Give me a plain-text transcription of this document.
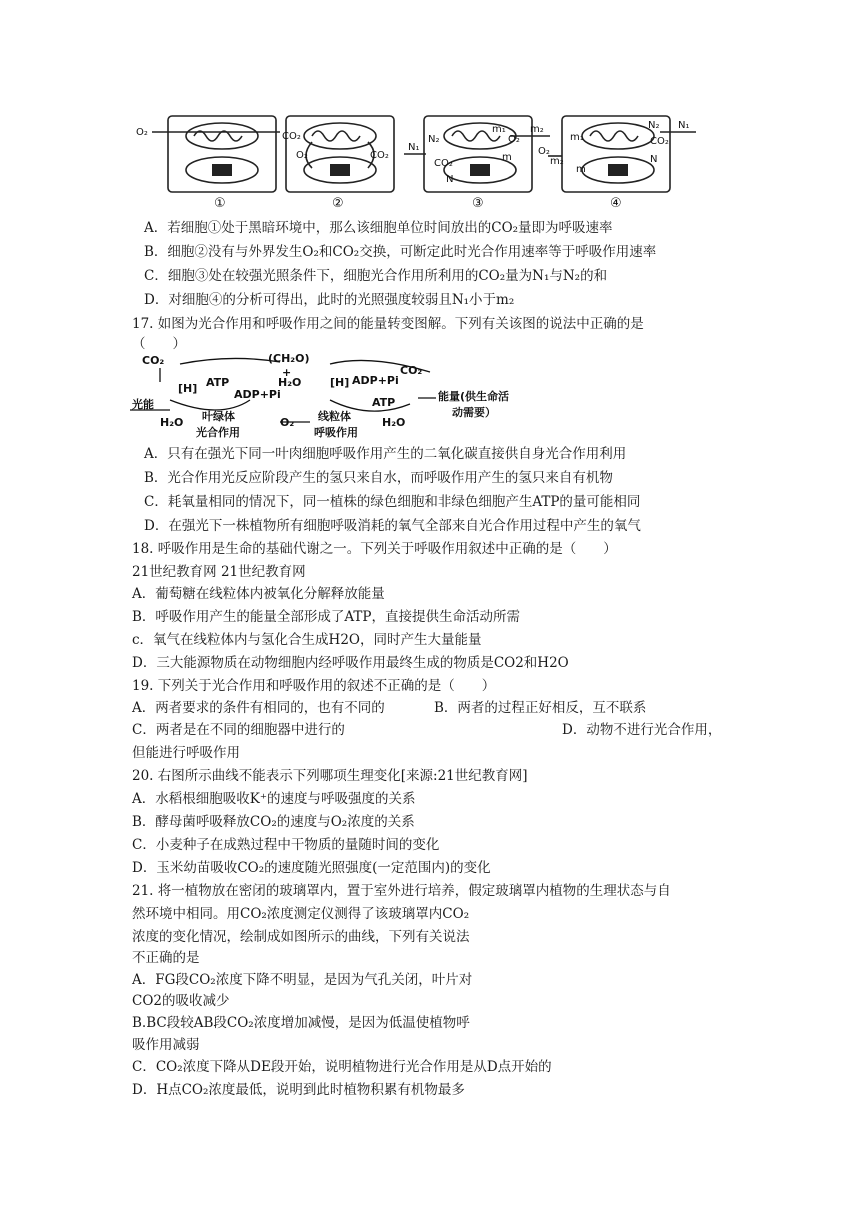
O₂	CO₂
O₂	CO₂
N₁
CO₂
N
N₂
m₁
O₂
m
m₂
O₂
m₂
m₁
m
N₂
CO₂
N
N₁
①	②	③	④
A．若细胞①处于黑暗环境中，那么该细胞单位时间放出的CO₂量即为呼吸速率
B．细胞②没有与外界发生O₂和CO₂交换，可断定此时光合作用速率等于呼吸作用速率
C．细胞③处在较强光照条件下，细胞光合作用所利用的CO₂量为N₁与N₂的和
D．对细胞④的分析可得出，此时的光照强度较弱且N₁小于m₂
17. 如图为光合作用和呼吸作用之间的能量转变图解。下列有关该图的说法中正确的是
（　　）
CO₂	(CH₂O)
CO₂
[H] ATP
ADP+Pi
+
H₂O	[H] ADP+Pi
ATP
光能
H₂O 叶绿体
光合作用
O₂ 线粒体
呼吸作用
H₂O
能量(供生命活
动需要）
A．只有在强光下同一叶肉细胞呼吸作用产生的二氧化碳直接供自身光合作用利用
B．光合作用光反应阶段产生的氢只来自水，而呼吸作用产生的氢只来自有机物
C．耗氧量相同的情况下，同一植株的绿色细胞和非绿色细胞产生ATP的量可能相同
D．在强光下一株植物所有细胞呼吸消耗的氧气全部来自光合作用过程中产生的氧气
18. 呼吸作用是生命的基础代谢之一。下列关于呼吸作用叙述中正确的是（　　）
21世纪教育网 21世纪教育网
A．葡萄糖在线粒体内被氧化分解释放能量
B．呼吸作用产生的能量全部形成了ATP，直接提供生命活动所需
c．氧气在线粒体内与氢化合生成H2O，同时产生大量能量
D．三大能源物质在动物细胞内经呼吸作用最终生成的物质是CO2和H2O
19. 下列关于光合作用和呼吸作用的叙述不正确的是（　　）
A．两者要求的条件有相同的，也有不同的	B．两者的过程正好相反，互不联系
C．两者是在不同的细胞器中进行的	D．动物不进行光合作用，
但能进行呼吸作用
20. 右图所示曲线不能表示下列哪项生理变化[来源:21世纪教育网]
A．水稻根细胞吸收K⁺的速度与呼吸强度的关系
B．酵母菌呼吸释放CO₂的速度与O₂浓度的关系
C．小麦种子在成熟过程中干物质的量随时间的变化
D．玉米幼苗吸收CO₂的速度随光照强度(一定范围内)的变化
21. 将一植物放在密闭的玻璃罩内，置于室外进行培养，假定玻璃罩内植物的生理状态与自
然环境中相同。用CO₂浓度测定仪测得了该玻璃罩内CO₂
浓度的变化情况，绘制成如图所示的曲线，下列有关说法
不正确的是
A．FG段CO₂浓度下降不明显，是因为气孔关闭，叶片对
CO2的吸收减少
B.BC段较AB段CO₂浓度增加减慢，是因为低温使植物呼
吸作用减弱
C．CO₂浓度下降从DE段开始，说明植物进行光合作用是从D点开始的
D．H点CO₂浓度最低，说明到此时植物积累有机物最多
